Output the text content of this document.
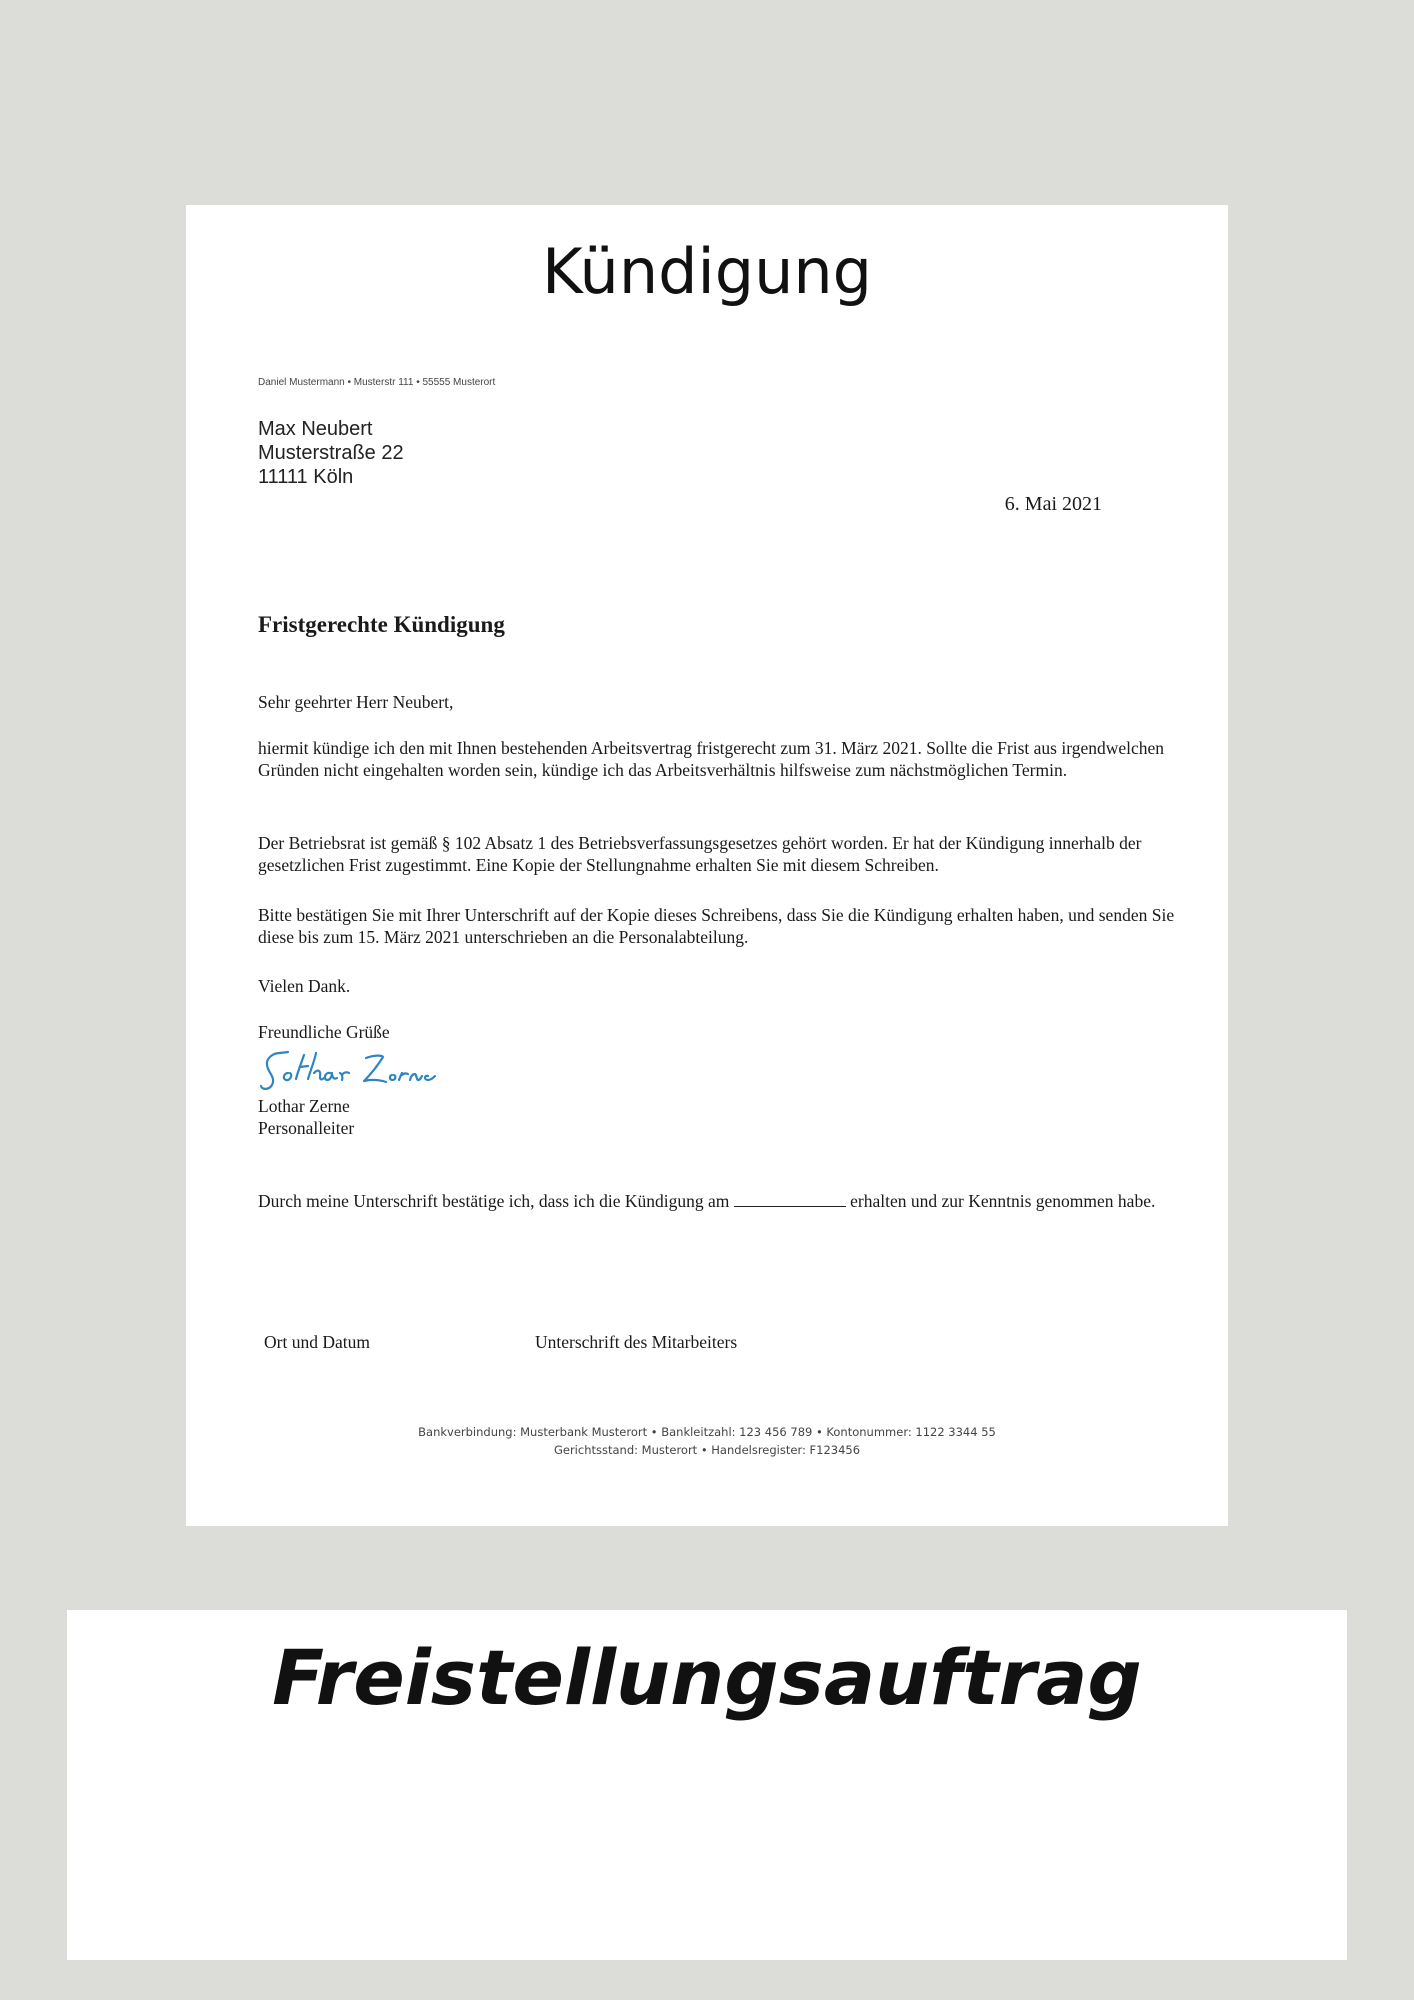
Kündigung
Daniel Mustermann • Musterstr 111 • 55555 Musterort
Max Neubert
Musterstraße 22
11111 Köln
6. Mai 2021
Fristgerechte Kündigung
Sehr geehrter Herr Neubert,
hiermit kündige ich den mit Ihnen bestehenden Arbeitsvertrag fristgerecht zum 31. März 2021. Sollte die Frist aus irgendwelchen Gründen nicht eingehalten worden sein, kündige ich das Arbeitsverhältnis hilfsweise zum nächstmöglichen Termin.
Der Betriebsrat ist gemäß § 102 Absatz 1 des Betriebsverfassungsgesetzes gehört worden. Er hat der Kündigung innerhalb der gesetzlichen Frist zugestimmt. Eine Kopie der Stellungnahme erhalten Sie mit diesem Schreiben.
Bitte bestätigen Sie mit Ihrer Unterschrift auf der Kopie dieses Schreibens, dass Sie die Kündigung erhalten haben, und senden Sie diese bis zum 15. März 2021 unterschrieben an die Personalabteilung.
Vielen Dank.
Freundliche Grüße
Lothar Zerne
Personalleiter
Durch meine Unterschrift bestätige ich, dass ich die Kündigung am	erhalten und zur Kenntnis genommen habe.
Ort und Datum	Unterschrift des Mitarbeiters
Bankverbindung: Musterbank Musterort • Bankleitzahl: 123 456 789 • Kontonummer: 1122 3344 55
Gerichtsstand: Musterort • Handelsregister: F123456
Freistellungsauftrag
